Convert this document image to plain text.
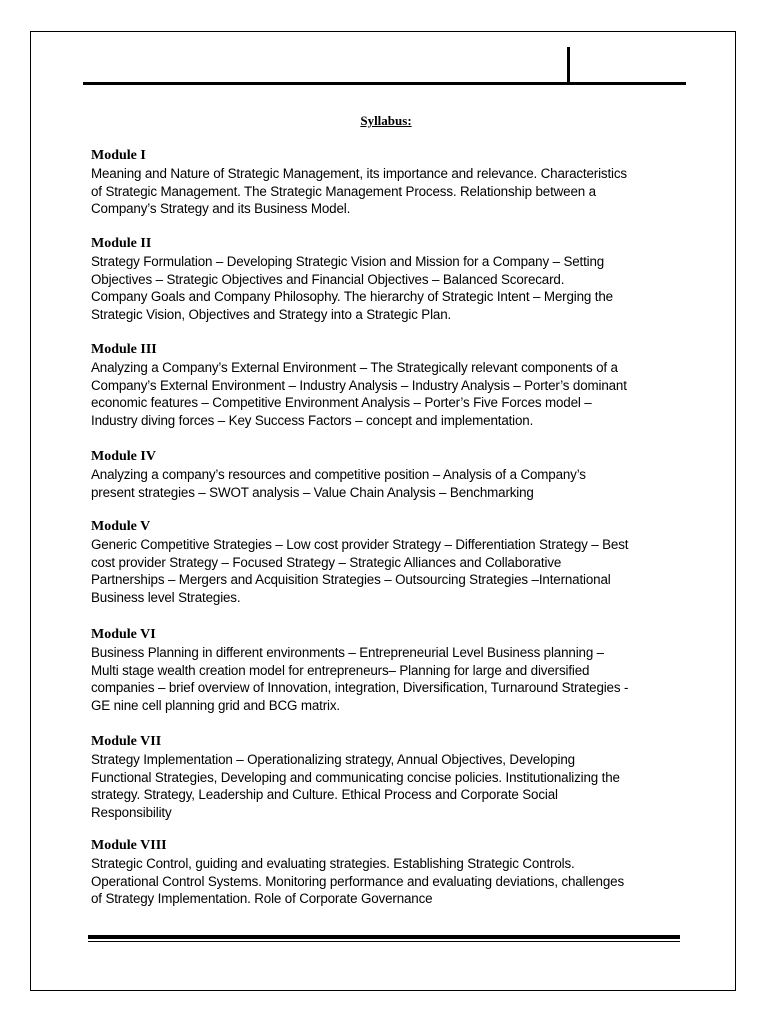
Syllabus:

Module I

Meaning and Nature of Strategic Management, its importance and relevance. Characteristics
of Strategic Management. The Strategic Management Process. Relationship between a
Company’s Strategy and its Business Model.

Module II

Strategy Formulation – Developing Strategic Vision and Mission for a Company – Setting
Objectives – Strategic Objectives and Financial Objectives – Balanced Scorecard.
Company Goals and Company Philosophy. The hierarchy of Strategic Intent – Merging the
Strategic Vision, Objectives and Strategy into a Strategic Plan.

Module III

Analyzing a Company’s External Environment – The Strategically relevant components of a
Company’s External Environment – Industry Analysis – Industry Analysis – Porter’s dominant
economic features – Competitive Environment Analysis – Porter’s Five Forces model –
Industry diving forces – Key Success Factors – concept and implementation.

Module IV

Analyzing a company’s resources and competitive position – Analysis of a Company’s
present strategies – SWOT analysis – Value Chain Analysis – Benchmarking

Module V

Generic Competitive Strategies – Low cost provider Strategy – Differentiation Strategy – Best
cost provider Strategy – Focused Strategy – Strategic Alliances and Collaborative
Partnerships – Mergers and Acquisition Strategies – Outsourcing Strategies –International
Business level Strategies.

Module VI

Business Planning in different environments – Entrepreneurial Level Business planning –
Multi stage wealth creation model for entrepreneurs– Planning for large and diversified
companies – brief overview of Innovation, integration, Diversification, Turnaround Strategies -
GE nine cell planning grid and BCG matrix.

Module VII

Strategy Implementation – Operationalizing strategy, Annual Objectives, Developing
Functional Strategies, Developing and communicating concise policies. Institutionalizing the
strategy. Strategy, Leadership and Culture. Ethical Process and Corporate Social
Responsibility

Module VIII

Strategic Control, guiding and evaluating strategies. Establishing Strategic Controls.
Operational Control Systems. Monitoring performance and evaluating deviations, challenges
of Strategy Implementation. Role of Corporate Governance
